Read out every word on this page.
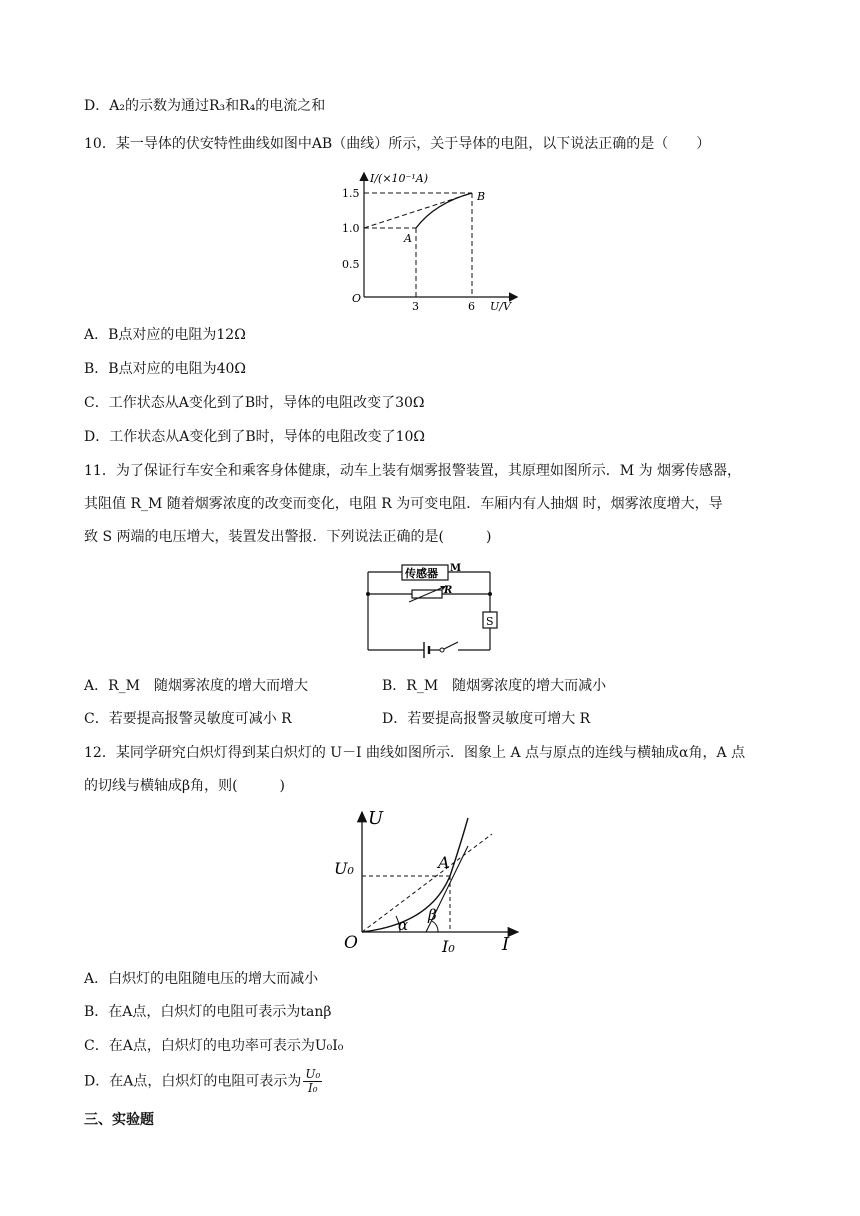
D．A₂的示数为通过R₃和R₄的电流之和
10．某一导体的伏安特性曲线如图中AB（曲线）所示，关于导体的电阻，以下说法正确的是（　　）
I/(×10⁻¹A)
1.5
1.0
0.5
O
3	6 U/V
A
B
A．B点对应的电阻为12Ω
B．B点对应的电阻为40Ω
C．工作状态从A变化到了B时，导体的电阻改变了30Ω
D．工作状态从A变化到了B时，导体的电阻改变了10Ω
11．为了保证行车安全和乘客身体健康，动车上装有烟雾报警装置，其原理如图所示．M 为 烟雾传感器，
其阻值 R_M 随着烟雾浓度的改变而变化，电阻 R 为可变电阻．车厢内有人抽烟 时，烟雾浓度增大，导
致 S 两端的电压增大，装置发出警报．下列说法正确的是(　　　)
传感器 M
R
S
A．R_M　随烟雾浓度的增大而增大	B．R_M　随烟雾浓度的增大而减小
C．若要提高报警灵敏度可减小 R	D．若要提高报警灵敏度可增大 R
12．某同学研究白炽灯得到某白炽灯的 U－I 曲线如图所示．图象上 A 点与原点的连线与横轴成α角，A 点
的切线与横轴成β角，则(　　　)
U
I
O
U₀
I₀
A
α
β
A．白炽灯的电阻随电压的增大而减小
B．在A点，白炽灯的电阻可表示为tanβ
C．在A点，白炽灯的电功率可表示为U₀I₀
D．在A点，白炽灯的电阻可表示为 $\frac{\text{U₀}}{\text{I₀}}$
三、实验题
